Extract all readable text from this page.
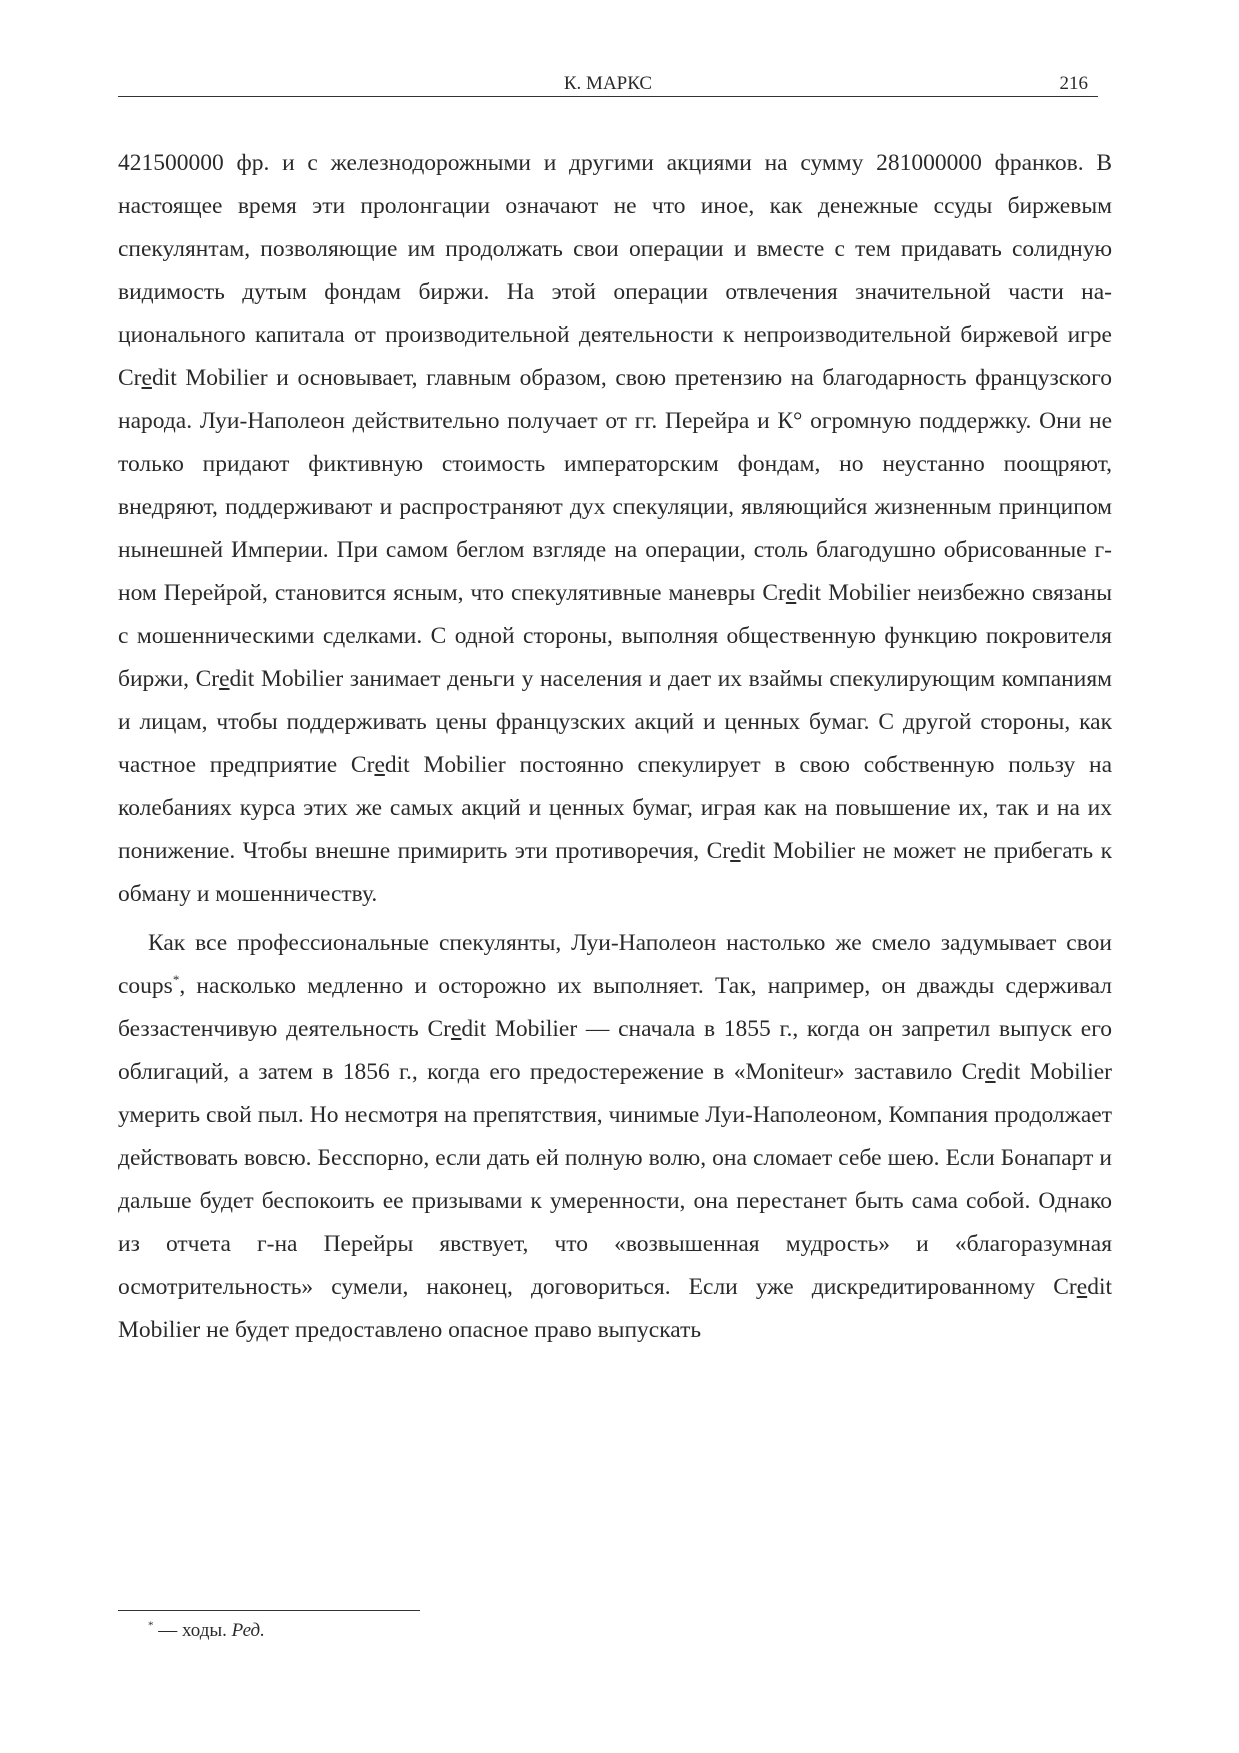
К. МАРКС	216

421500000 фр. и с железнодорожными и другими акциями на сумму 281000000 франков. В настоящее время эти пролонгации означают не что иное, как денежные ссуды биржевым спекулянтам, позволяющие им продолжать свои операции и вместе с тем придавать солидную видимость дутым фондам биржи. На этой операции отвлечения значительной части национального капитала от производительной деятельности к непроизводительной биржевой игре Credit Mobilier и основывает, главным образом, свою претензию на благодарность французского народа. Луи-Наполеон действительно получает от гг. Перейра и К° огромную поддержку. Они не только придают фиктивную стоимость императорским фондам, но неустанно поощряют, внедряют, поддерживают и распространяют дух спекуляции, являющийся жизненным принципом нынешней Империи. При самом беглом взгляде на операции, столь благодушно обрисованные г-ном Перейрой, становится ясным, что спекулятивные маневры Credit Mobilier неизбежно связаны с мошенническими сделками. С одной стороны, выполняя общественную функцию покровителя биржи, Credit Mobilier занимает деньги у населения и дает их взаймы спекулирующим компаниям и лицам, чтобы поддерживать цены французских акций и ценных бумаг. С другой стороны, как частное предприятие Credit Mobilier постоянно спекулирует в свою собственную пользу на колебаниях курса этих же самых акций и ценных бумаг, играя как на повышение их, так и на их понижение. Чтобы внешне примирить эти противоречия, Credit Mobilier не может не прибегать к обману и мошенничеству.

Как все профессиональные спекулянты, Луи-Наполеон настолько же смело задумывает свои coups*, насколько медленно и осторожно их выполняет. Так, например, он дважды сдерживал беззастенчивую деятельность Credit Mobilier — сначала в 1855 г., когда он запретил выпуск его облигаций, а затем в 1856 г., когда его предостережение в «Moniteur» заставило Credit Mobilier умерить свой пыл. Но несмотря на препятствия, чинимые Луи-Наполеоном, Компания продолжает действовать вовсю. Бесспорно, если дать ей полную волю, она сломает себе шею. Если Бонапарт и дальше будет беспокоить ее призывами к умеренности, она перестанет быть сама собой. Однако из отчета г-на Перейры явствует, что «возвышенная мудрость» и «благоразумная осмотрительность» сумели, наконец, договориться. Если уже дискредитированному Credit Mobilier не будет предоставлено опасное право выпускать

* — ходы. Ред.
